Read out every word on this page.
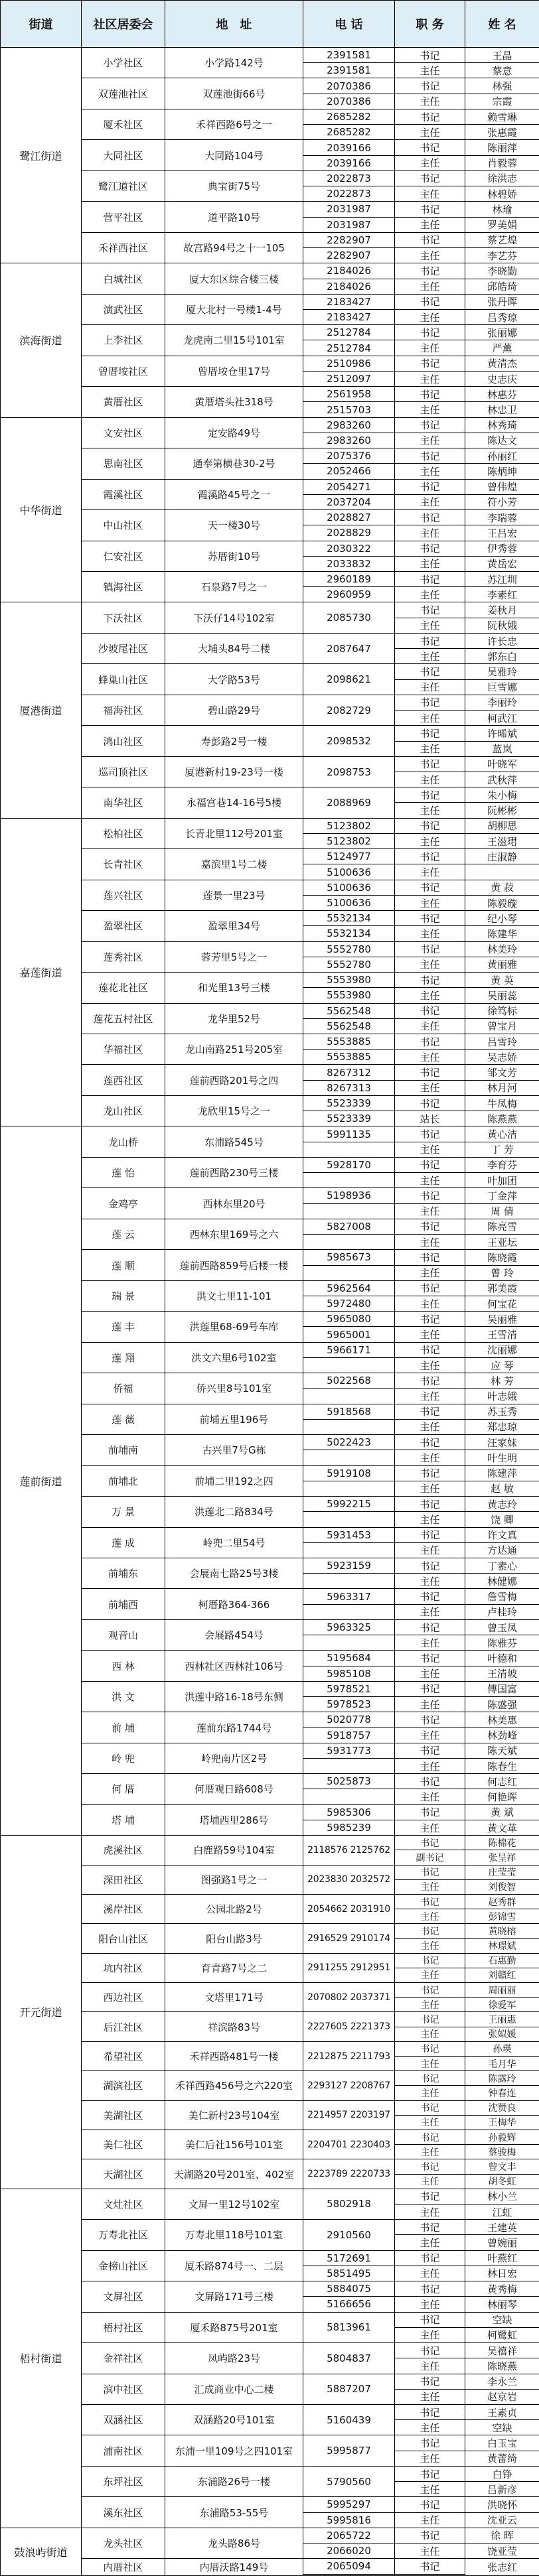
街道	社区居委会	地　址	电 话	职 务	姓 名
鹭江街道	小学社区	小学路142号	2391581	书记	王晶
			2391581	主任	蔡意
	双莲池社区	双莲池街66号	2070386	书记	林强
			2070386	主任	宗霞
	厦禾社区	禾祥西路6号之一	2685282	书记	赖雪琳
			2685282	主任	张惠霞
	大同社区	大同路104号	2039166	书记	陈丽萍
			2039166	主任	肖毅蓉
	鹭江道社区	典宝街75号	2022873	书记	徐洪志
			2022873	主任	林碧娇
	营平社区	道平路10号	2031987	书记	林瑜
			2031987	主任	罗美娟
	禾祥西社区	故宫路94号之十一105	2282907	书记	蔡艺煌
			2282907	主任	李艺芬
滨海街道	白城社区	厦大东区综合楼三楼	2184026	书记	李晓勤
			2184026	主任	邱皓琦
	演武社区	厦大北村一号楼1-4号	2183427	书记	张丹晖
			2183427	主任	吕秀琼
	上李社区	龙虎南二里15号101室	2512784	书记	张丽娜
			2512784	主任	严薰
	曾厝垵社区	曾厝垵仓里17号	2510986	书记	黄清杰
			2512097	主任	史志庆
	黄厝社区	黄厝塔头社318号	2561958	书记	林惠芬
			2515703	主任	林忠卫
中华街道	文安社区	定安路49号	2983260	书记	林秀琦
			2983260	主任	陈达文
	思南社区	通奉第横巷30-2号	2075376	书记	孙丽红
			2052466	主任	陈炳坤
	霞溪社区	霞溪路45号之一	2054271	书记	曾伟煌
			2037204	主任	符小芳
	中山社区	天一楼30号	2028827	书记	李瑞蓉
			2028829	主任	王吕宏
	仁安社区	苏厝街10号	2030322	书记	伊秀蓉
			2033832	主任	黄岳宏
	镇海社区	石泉路7号之一	2960189	书记	苏江圳
			2960959	主任	李素红
厦港街道	下沃社区	下沃仔14号102室	2085730	书记	姜秋月
				主任	阮秋娥
	沙坡尾社区	大埔头84号二楼	2087647	书记	许长忠
				主任	郭东白
	蜂巢山社区	大学路53号	2098621	书记	吴雅玲
				主任	巨雪娜
	福海社区	碧山路29号	2082729	书记	李丽玲
				主任	柯武江
	鸿山社区	寿彭路2号一楼	2098532	书记	许晞斌
				主任	蓝岚
	巡司顶社区	厦港新村19-23号一楼	2098753	书记	叶晓军
				主任	武秋萍
	南华社区	永福宫巷14-16号5楼	2088969	书记	朱小梅
				主任	阮彬彬
嘉莲街道	松柏社区	长青北里112号201室	5123802	书记	胡柳思
			5123802	主任	王滋珺
	长青社区	嘉滨里1号二楼	5124977	书记	庄淑静
			5100636	主任	
	莲兴社区	莲景一里23号	5100636	书记	黄 菽
			5100636	主任	陈毅璇
	盈翠社区	盈翠里34号	5532134	书记	纪小琴
			5532134	主任	陈建华
	莲秀社区	蓉芳里5号之一	5552780	书记	林美玲
			5552780	主任	黄丽雅
	莲花北社区	和光里13号三楼	5553980	书记	黄 英
			5553980	主任	吴丽蕊
	莲花五村社区	龙华里52号	5562548	书记	徐笃标
			5562548	主任	曾宝月
	华福社区	龙山南路251号205室	5553885	书记	吕雪玲
			5553885	主任	吴志娇
	莲西社区	莲前西路201号之四	8267312	书记	邹文芳
			8267313	主任	林月河
	龙山社区	龙欣里15号之一	5523339	书记	牛凤梅
			5523339	站长	陈燕燕
莲前街道	龙山桥	东浦路545号	5991135	书记	黄心洁
				主任	丁 芳
	莲 怡	莲前西路230号三楼	5928170	书记	李育芬
				主任	叶加团
	金鸡亭	西林东里20号	5198936	书记	丁金萍
				主任	周 倩
	莲 云	西林东里169号之六	5827008	书记	陈亮雪
				主任	王亚坛
	莲 顺	莲前西路859号后楼一楼	5985673	书记	陈晓霞
				主任	曾 玲
	瑞 景	洪文七里11-101	5962564	书记	郭美霞
			5972480	主任	何宝花
	莲 丰	洪莲里68-69号车库	5965080	书记	吴丽雅
			5965001	主任	王雪清
	莲 翔	洪文六里6号102室	5966171	书记	沈丽娜
				主任	应 琴
	侨福	侨兴里8号101室	5022568	书记	林 芳
				主任	叶志娥
	莲 薇	前埔五里196号	5918568	书记	苏玉秀
				主任	郑忠琼
	前埔南	古兴里7号G栋	5022423	书记	汪家妹
				主任	叶生明
	前埔北	前埔二里192之四	5919108	书记	陈建萍
				主任	赵 敏
	万 景	洪莲北二路834号	5992215	书记	黄志玲
				主任	饶 卿
	莲 成	岭兜二里54号	5931453	书记	许文真
				主任	方达通
	前埔东	会展南七路25号3楼	5923159	书记	丁素心
				主任	林健娜
	前埔西	柯厝路364-366	5963317	书记	詹雪梅
				主任	卢桂玲
	观音山	会展路454号	5963325	书记	曾玉凤
				主任	陈雅芬
	西 林	西林社区西林社106号	5195684	书记	叶德和
			5985108	主任	王清坡
	洪 文	洪莲中路16-18号东侧	5978521	书记	傅国富
			5978523	主任	陈盛强
	前 埔	莲前东路1744号	5020778	书记	林美惠
			5918757	主任	林劲峰
	岭 兜	岭兜南片区2号	5931773	书记	陈天斌
				主任	陈春生
	何 厝	何厝观日路608号	5025873	书记	何志红
				主任	何艳晖
	塔 埔	塔埔西里286号	5985306	书记	黄 斌
			5985239	主任	黄文革
开元街道	虎溪社区	白鹿路59号104室	2118576 2125762	书记	陈棉花
				副书记	张呈祥
	深田社区	图强路1号之一	2023830 2032572	书记	庄莹莹
				主任	刘俊智
	溪岸社区	公园北路2号	2054662 2031910	书记	赵秀群
				主任	彭锦雪
	阳台山社区	阳台山路3号	2916529 2910174	书记	黄晓榕
				主任	林璟斌
	坑内社区	育青路7号之二	2911255 2912951	书记	石惠勤
				主任	刘赣红
	西边社区	文塔里171号	2070802 2037371	书记	周丽丽
				主任	徐爱军
	后江社区	祥滨路83号	2227605 2221373	书记	王丽惠
				主任	张姒媛
	希望社区	禾祥西路481号一楼	2212875 2211793	书记	孙瑛
				主任	毛月华
	湖滨社区	禾祥西路456号之六220室	2293127 2208767	书记	陈露玲
				主任	钟春连
	美湖社区	美仁新村23号104室	2214957 2203197	书记	沈赞良
				主任	王梅华
	美仁社区	美仁后社156号101室	2204701 2230403	书记	孙毅辉
				主任	蔡骏梅
	天湖社区	天湖路20号201室、402室	2223789 2220733	书记	曾文丰
				主任	胡冬虹
梧村街道	文灶社区	文屏一里12号102室	5802918	书记	林小兰
				主任	江虹
	万寿北社区	万寿北里118号101室	2910560	书记	王建英
				主任	曾婉丽
	金榜山社区	厦禾路874号一、二层	5172691	书记	叶燕红
			5851495	主任	林日宏
	文屏社区	文屏路171号三楼	5884075	书记	黄秀梅
			5166656	主任	林丽琴
	梧村社区	厦禾路875号201室	5813961	书记	空缺
				主任	柯鹭虹
	金祥社区	凤屿路23号	5804837	书记	吴禧祥
				主任	陈晓燕
	滨中社区	汇成商业中心二楼	5887207	书记	李永兰
				主任	赵京岩
	双涵社区	双涵路20号101室	5160439	书记	王素贞
				主任	空缺
	浦南社区	东浦一里109号之四101室	5995877	书记	白玉宝
				主任	黄蕾绮
	东坪社区	东浦路26号一楼	5790560	书记	白铮
				主任	吕新彦
	溪东社区	东浦路53-55号	5995297	书记	洪晓怀
			5995816	主任	沈亚云
鼓浪屿街道	龙头社区	龙头路86号	2065722	书记	徐 晖
			2066020	主任	饶亚莹
	内厝社区	内厝沃路149号	2065094	书记	张志红
